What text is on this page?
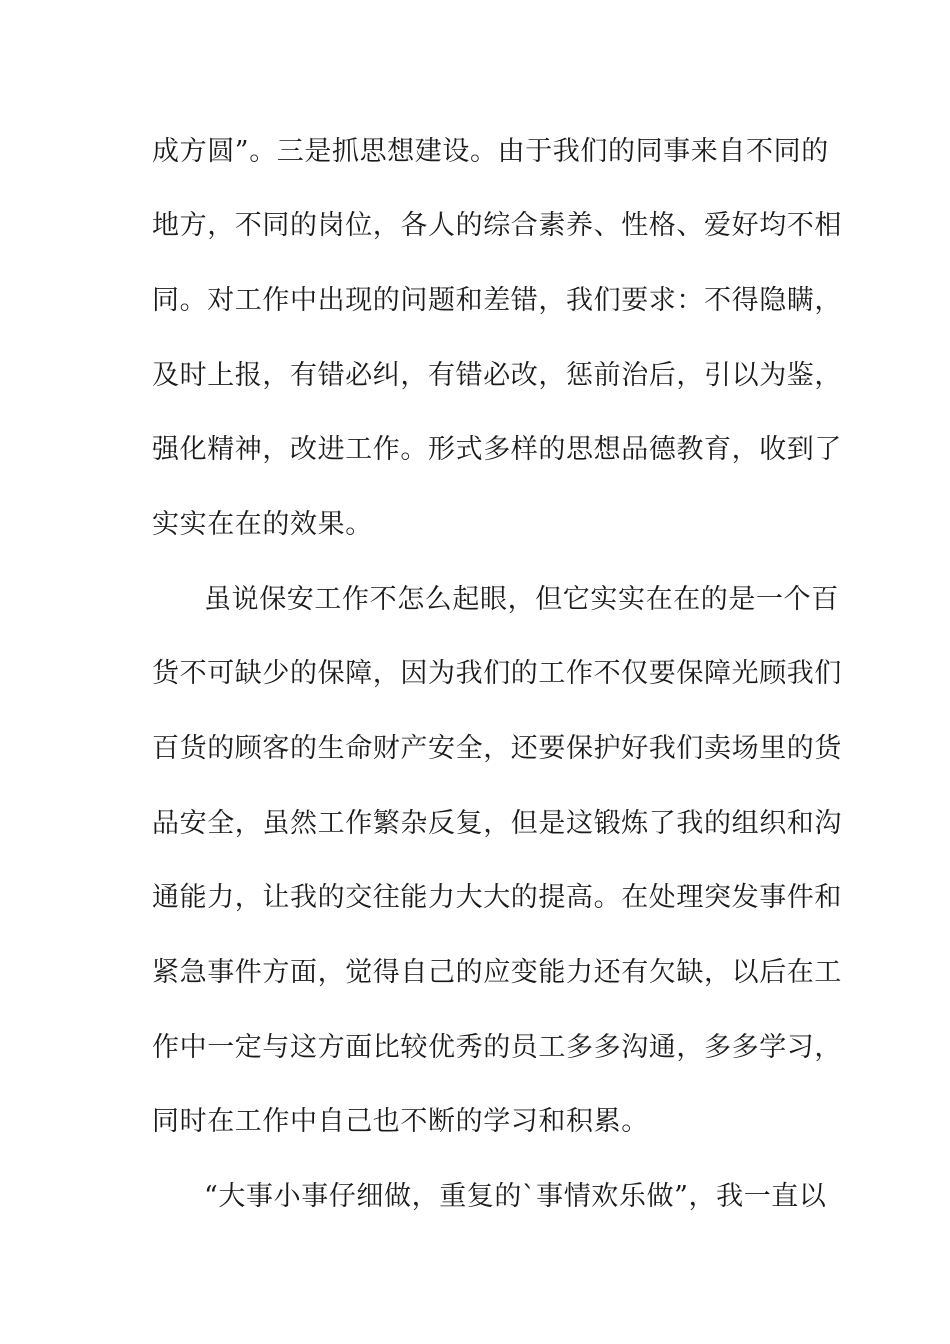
成方圆”。三是抓思想建设。由于我们的同事来自不同的
地方，不同的岗位，各人的综合素养、性格、爱好均不相
同。对工作中出现的问题和差错，我们要求：不得隐瞒，
及时上报，有错必纠，有错必改，惩前治后，引以为鉴，
强化精神，改进工作。形式多样的思想品德教育，收到了
实实在在的效果。
虽说保安工作不怎么起眼，但它实实在在的是一个百
货不可缺少的保障，因为我们的工作不仅要保障光顾我们
百货的顾客的生命财产安全，还要保护好我们卖场里的货
品安全，虽然工作繁杂反复，但是这锻炼了我的组织和沟
通能力，让我的交往能力大大的提高。在处理突发事件和
紧急事件方面，觉得自己的应变能力还有欠缺，以后在工
作中一定与这方面比较优秀的员工多多沟通，多多学习，
同时在工作中自己也不断的学习和积累。
“大事小事仔细做，重复的`事情欢乐做”，我一直以
